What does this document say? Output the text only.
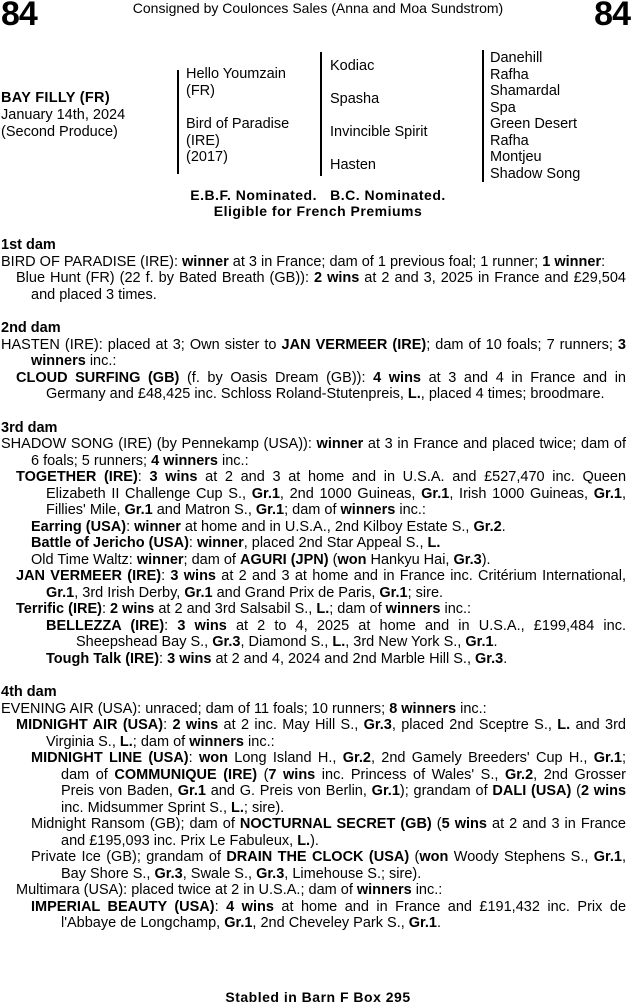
84	Consigned by Coulonces Sales (Anna and Moa Sundstrom)	84
BAY FILLY (FR)
January 14th, 2024
(Second Produce)
Hello Youmzain
(FR)
Bird of Paradise
(IRE)
(2017)
Kodiac
Spasha
Invincible Spirit
Hasten
Danehill
Rafha
Shamardal
Spa
Green Desert
Rafha
Montjeu
Shadow Song
E.B.F. Nominated.   B.C. Nominated.
Eligible for French Premiums
1st dam
BIRD OF PARADISE (IRE): winner at 3 in France; dam of 1 previous foal; 1 runner; 1 winner:
Blue Hunt (FR) (22 f. by Bated Breath (GB)): 2 wins at 2 and 3, 2025 in France and £29,504 and placed 3 times.
2nd dam
HASTEN (IRE): placed at 3; Own sister to JAN VERMEER (IRE); dam of 10 foals; 7 runners; 3 winners inc.:
CLOUD SURFING (GB) (f. by Oasis Dream (GB)): 4 wins at 3 and 4 in France and in Germany and £48,425 inc. Schloss Roland-Stutenpreis, L., placed 4 times; broodmare.
3rd dam
SHADOW SONG (IRE) (by Pennekamp (USA)): winner at 3 in France and placed twice; dam of 6 foals; 5 runners; 4 winners inc.:
TOGETHER (IRE): 3 wins at 2 and 3 at home and in U.S.A. and £527,470 inc. Queen Elizabeth II Challenge Cup S., Gr.1, 2nd 1000 Guineas, Gr.1, Irish 1000 Guineas, Gr.1, Fillies' Mile, Gr.1 and Matron S., Gr.1; dam of winners inc.:
Earring (USA): winner at home and in U.S.A., 2nd Kilboy Estate S., Gr.2.
Battle of Jericho (USA): winner, placed 2nd Star Appeal S., L.
Old Time Waltz: winner; dam of AGURI (JPN) (won Hankyu Hai, Gr.3).
JAN VERMEER (IRE): 3 wins at 2 and 3 at home and in France inc. Critérium International, Gr.1, 3rd Irish Derby, Gr.1 and Grand Prix de Paris, Gr.1; sire.
Terrific (IRE): 2 wins at 2 and 3rd Salsabil S., L.; dam of winners inc.:
BELLEZZA (IRE): 3 wins at 2 to 4, 2025 at home and in U.S.A., £199,484 inc. Sheepshead Bay S., Gr.3, Diamond S., L., 3rd New York S., Gr.1.
Tough Talk (IRE): 3 wins at 2 and 4, 2024 and 2nd Marble Hill S., Gr.3.
4th dam
EVENING AIR (USA): unraced; dam of 11 foals; 10 runners; 8 winners inc.:
MIDNIGHT AIR (USA): 2 wins at 2 inc. May Hill S., Gr.3, placed 2nd Sceptre S., L. and 3rd Virginia S., L.; dam of winners inc.:
MIDNIGHT LINE (USA): won Long Island H., Gr.2, 2nd Gamely Breeders' Cup H., Gr.1; dam of COMMUNIQUE (IRE) (7 wins inc. Princess of Wales' S., Gr.2, 2nd Grosser Preis von Baden, Gr.1 and G. Preis von Berlin, Gr.1); grandam of DALI (USA) (2 wins inc. Midsummer Sprint S., L.; sire).
Midnight Ransom (GB); dam of NOCTURNAL SECRET (GB) (5 wins at 2 and 3 in France and £195,093 inc. Prix Le Fabuleux, L.).
Private Ice (GB); grandam of DRAIN THE CLOCK (USA) (won Woody Stephens S., Gr.1, Bay Shore S., Gr.3, Swale S., Gr.3, Limehouse S.; sire).
Multimara (USA): placed twice at 2 in U.S.A.; dam of winners inc.:
IMPERIAL BEAUTY (USA): 4 wins at home and in France and £191,432 inc. Prix de l'Abbaye de Longchamp, Gr.1, 2nd Cheveley Park S., Gr.1.
Stabled in Barn F Box 295
